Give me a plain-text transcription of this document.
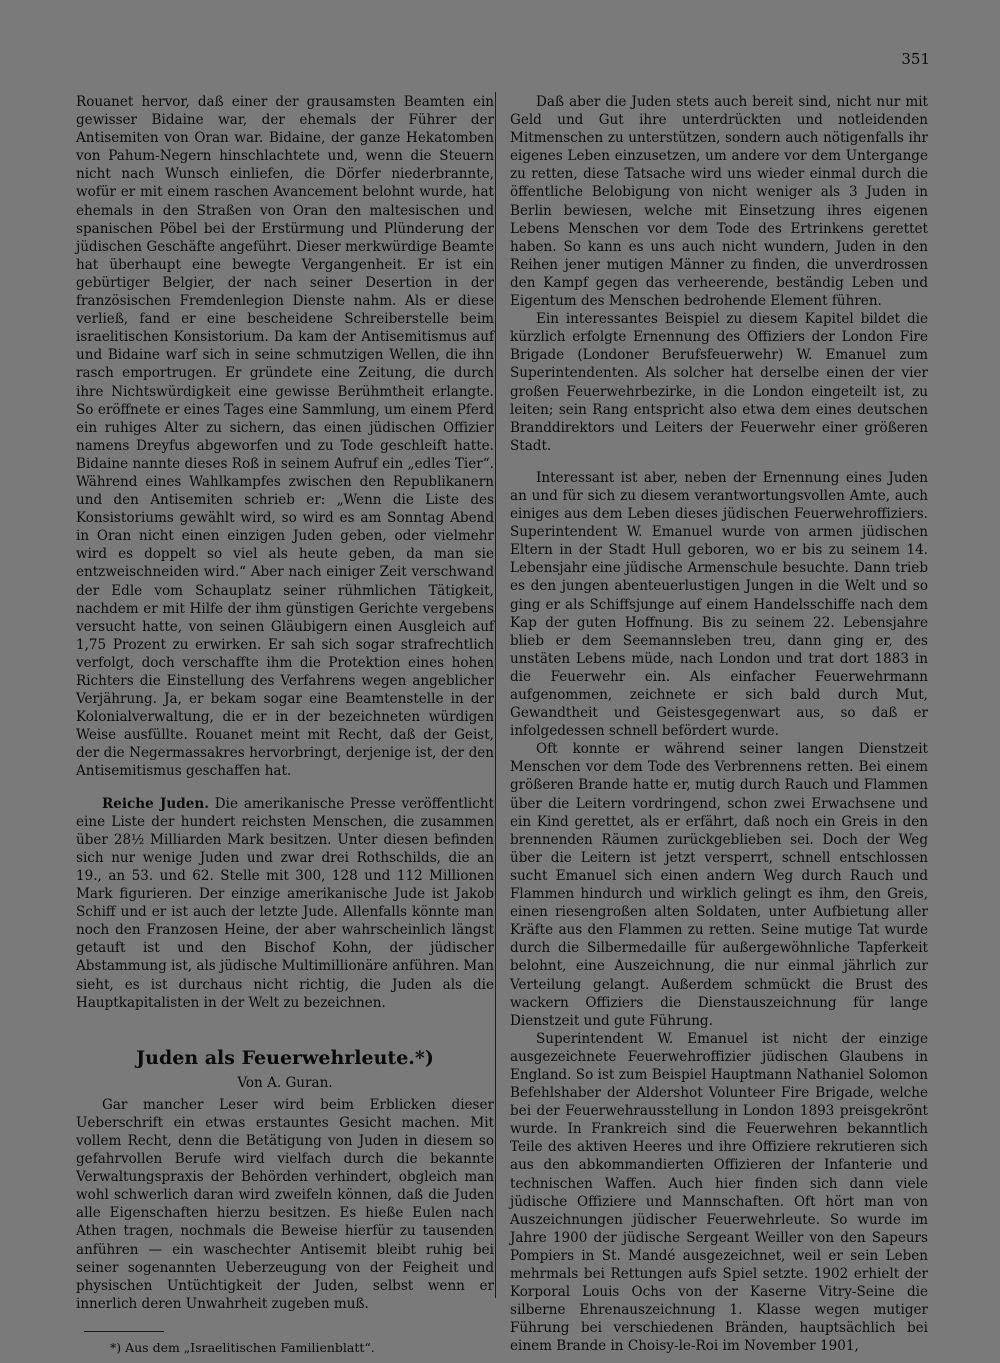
351

Rouanet hervor, daß einer der grausamsten Beamten ein gewisser Bidaine war, der ehemals der Führer der Antisemiten von Oran war. Bidaine, der ganze Hekatomben von Pahum-Negern hinschlachtete und, wenn die Steuern nicht nach Wunsch einliefen, die Dörfer niederbrannte, wofür er mit einem raschen Avancement belohnt wurde, hat ehemals in den Straßen von Oran den maltesischen und spanischen Pöbel bei der Erstürmung und Plünderung der jüdischen Geschäfte angeführt. Dieser merkwürdige Beamte hat überhaupt eine bewegte Vergangenheit. Er ist ein gebürtiger Belgier, der nach seiner Desertion in der französischen Fremdenlegion Dienste nahm. Als er diese verließ, fand er eine bescheidene Schreiberstelle beim israelitischen Konsistorium. Da kam der Antisemitismus auf und Bidaine warf sich in seine schmutzigen Wellen, die ihn rasch emportrugen. Er gründete eine Zeitung, die durch ihre Nichtswürdigkeit eine gewisse Berühmtheit erlangte. So eröffnete er eines Tages eine Sammlung, um einem Pferd ein ruhiges Alter zu sichern, das einen jüdischen Offizier namens Dreyfus abgeworfen und zu Tode geschleift hatte. Bidaine nannte dieses Roß in seinem Aufruf ein „edles Tier“. Während eines Wahlkampfes zwischen den Republikanern und den Antisemiten schrieb er: „Wenn die Liste des Konsistoriums gewählt wird, so wird es am Sonntag Abend in Oran nicht einen einzigen Juden geben, oder vielmehr wird es doppelt so viel als heute geben, da man sie entzweischneiden wird.“ Aber nach einiger Zeit verschwand der Edle vom Schauplatz seiner rühmlichen Tätigkeit, nachdem er mit Hilfe der ihm günstigen Gerichte vergebens versucht hatte, von seinen Gläubigern einen Ausgleich auf 1,75 Prozent zu erwirken. Er sah sich sogar strafrechtlich verfolgt, doch verschaffte ihm die Protektion eines hohen Richters die Einstellung des Verfahrens wegen angeblicher Verjährung. Ja, er bekam sogar eine Beamtenstelle in der Kolonialverwaltung, die er in der bezeichneten würdigen Weise ausfüllte. Rouanet meint mit Recht, daß der Geist, der die Negermassakres hervorbringt, derjenige ist, der den Antisemitismus geschaffen hat.

Reiche Juden. Die amerikanische Presse veröffentlicht eine Liste der hundert reichsten Menschen, die zusammen über 28½ Milliarden Mark besitzen. Unter diesen befinden sich nur wenige Juden und zwar drei Rothschilds, die an 19., an 53. und 62. Stelle mit 300, 128 und 112 Millionen Mark figurieren. Der einzige amerikanische Jude ist Jakob Schiff und er ist auch der letzte Jude. Allenfalls könnte man noch den Franzosen Heine, der aber wahrscheinlich längst getauft ist und den Bischof Kohn, der jüdischer Abstammung ist, als jüdische Multimillionäre anführen. Man sieht, es ist durchaus nicht richtig, die Juden als die Hauptkapitalisten in der Welt zu bezeichnen.

Juden als Feuerwehrleute.*)
Von A. Guran.

Gar mancher Leser wird beim Erblicken dieser Ueberschrift ein etwas erstauntes Gesicht machen. Mit vollem Recht, denn die Betätigung von Juden in diesem so gefahrvollen Berufe wird vielfach durch die bekannte Verwaltungspraxis der Behörden verhindert, obgleich man wohl schwerlich daran wird zweifeln können, daß die Juden alle Eigenschaften hierzu besitzen. Es hieße Eulen nach Athen tragen, nochmals die Beweise hierfür zu tausenden anführen — ein waschechter Antisemit bleibt ruhig bei seiner sogenannten Ueberzeugung von der Feigheit und physischen Untüchtigkeit der Juden, selbst wenn er innerlich deren Unwahrheit zugeben muß.

*) Aus dem „Israelitischen Familienblatt“.

Daß aber die Juden stets auch bereit sind, nicht nur mit Geld und Gut ihre unterdrückten und notleidenden Mitmenschen zu unterstützen, sondern auch nötigenfalls ihr eigenes Leben einzusetzen, um andere vor dem Untergange zu retten, diese Tatsache wird uns wieder einmal durch die öffentliche Belobigung von nicht weniger als 3 Juden in Berlin bewiesen, welche mit Einsetzung ihres eigenen Lebens Menschen vor dem Tode des Ertrinkens gerettet haben. So kann es uns auch nicht wundern, Juden in den Reihen jener mutigen Männer zu finden, die unverdrossen den Kampf gegen das verheerende, beständig Leben und Eigentum des Menschen bedrohende Element führen.

Ein interessantes Beispiel zu diesem Kapitel bildet die kürzlich erfolgte Ernennung des Offiziers der London Fire Brigade (Londoner Berufsfeuerwehr) W. Emanuel zum Superintendenten. Als solcher hat derselbe einen der vier großen Feuerwehrbezirke, in die London eingeteilt ist, zu leiten; sein Rang entspricht also etwa dem eines deutschen Branddirektors und Leiters der Feuerwehr einer größeren Stadt.

Interessant ist aber, neben der Ernennung eines Juden an und für sich zu diesem verantwortungsvollen Amte, auch einiges aus dem Leben dieses jüdischen Feuerwehroffiziers. Superintendent W. Emanuel wurde von armen jüdischen Eltern in der Stadt Hull geboren, wo er bis zu seinem 14. Lebensjahr eine jüdische Armenschule besuchte. Dann trieb es den jungen abenteuerlustigen Jungen in die Welt und so ging er als Schiffsjunge auf einem Handelsschiffe nach dem Kap der guten Hoffnung. Bis zu seinem 22. Lebensjahre blieb er dem Seemannsleben treu, dann ging er, des unstäten Lebens müde, nach London und trat dort 1883 in die Feuerwehr ein. Als einfacher Feuerwehrmann aufgenommen, zeichnete er sich bald durch Mut, Gewandtheit und Geistesgegenwart aus, so daß er infolgedessen schnell befördert wurde.

Oft konnte er während seiner langen Dienstzeit Menschen vor dem Tode des Verbrennens retten. Bei einem größeren Brande hatte er, mutig durch Rauch und Flammen über die Leitern vordringend, schon zwei Erwachsene und ein Kind gerettet, als er erfährt, daß noch ein Greis in den brennenden Räumen zurückgeblieben sei. Doch der Weg über die Leitern ist jetzt versperrt, schnell entschlossen sucht Emanuel sich einen andern Weg durch Rauch und Flammen hindurch und wirklich gelingt es ihm, den Greis, einen riesengroßen alten Soldaten, unter Aufbietung aller Kräfte aus den Flammen zu retten. Seine mutige Tat wurde durch die Silbermedaille für außergewöhnliche Tapferkeit belohnt, eine Auszeichnung, die nur einmal jährlich zur Verteilung gelangt. Außerdem schmückt die Brust des wackern Offiziers die Dienstauszeichnung für lange Dienstzeit und gute Führung.

Superintendent W. Emanuel ist nicht der einzige ausgezeichnete Feuerwehroffizier jüdischen Glaubens in England. So ist zum Beispiel Hauptmann Nathaniel Solomon Befehlshaber der Aldershot Volunteer Fire Brigade, welche bei der Feuerwehrausstellung in London 1893 preisgekrönt wurde. In Frankreich sind die Feuerwehren bekanntlich Teile des aktiven Heeres und ihre Offiziere rekrutieren sich aus den abkommandierten Offizieren der Infanterie und technischen Waffen. Auch hier finden sich dann viele jüdische Offiziere und Mannschaften. Oft hört man von Auszeichnungen jüdischer Feuerwehrleute. So wurde im Jahre 1900 der jüdische Sergeant Weiller von den Sapeurs Pompiers in St. Mandé ausgezeichnet, weil er sein Leben mehrmals bei Rettungen aufs Spiel setzte. 1902 erhielt der Korporal Louis Ochs von der Kaserne Vitry-Seine die silberne Ehrenauszeichnung 1. Klasse wegen mutiger Führung bei verschiedenen Bränden, hauptsächlich bei einem Brande in Choisy-le-Roi im November 1901,
